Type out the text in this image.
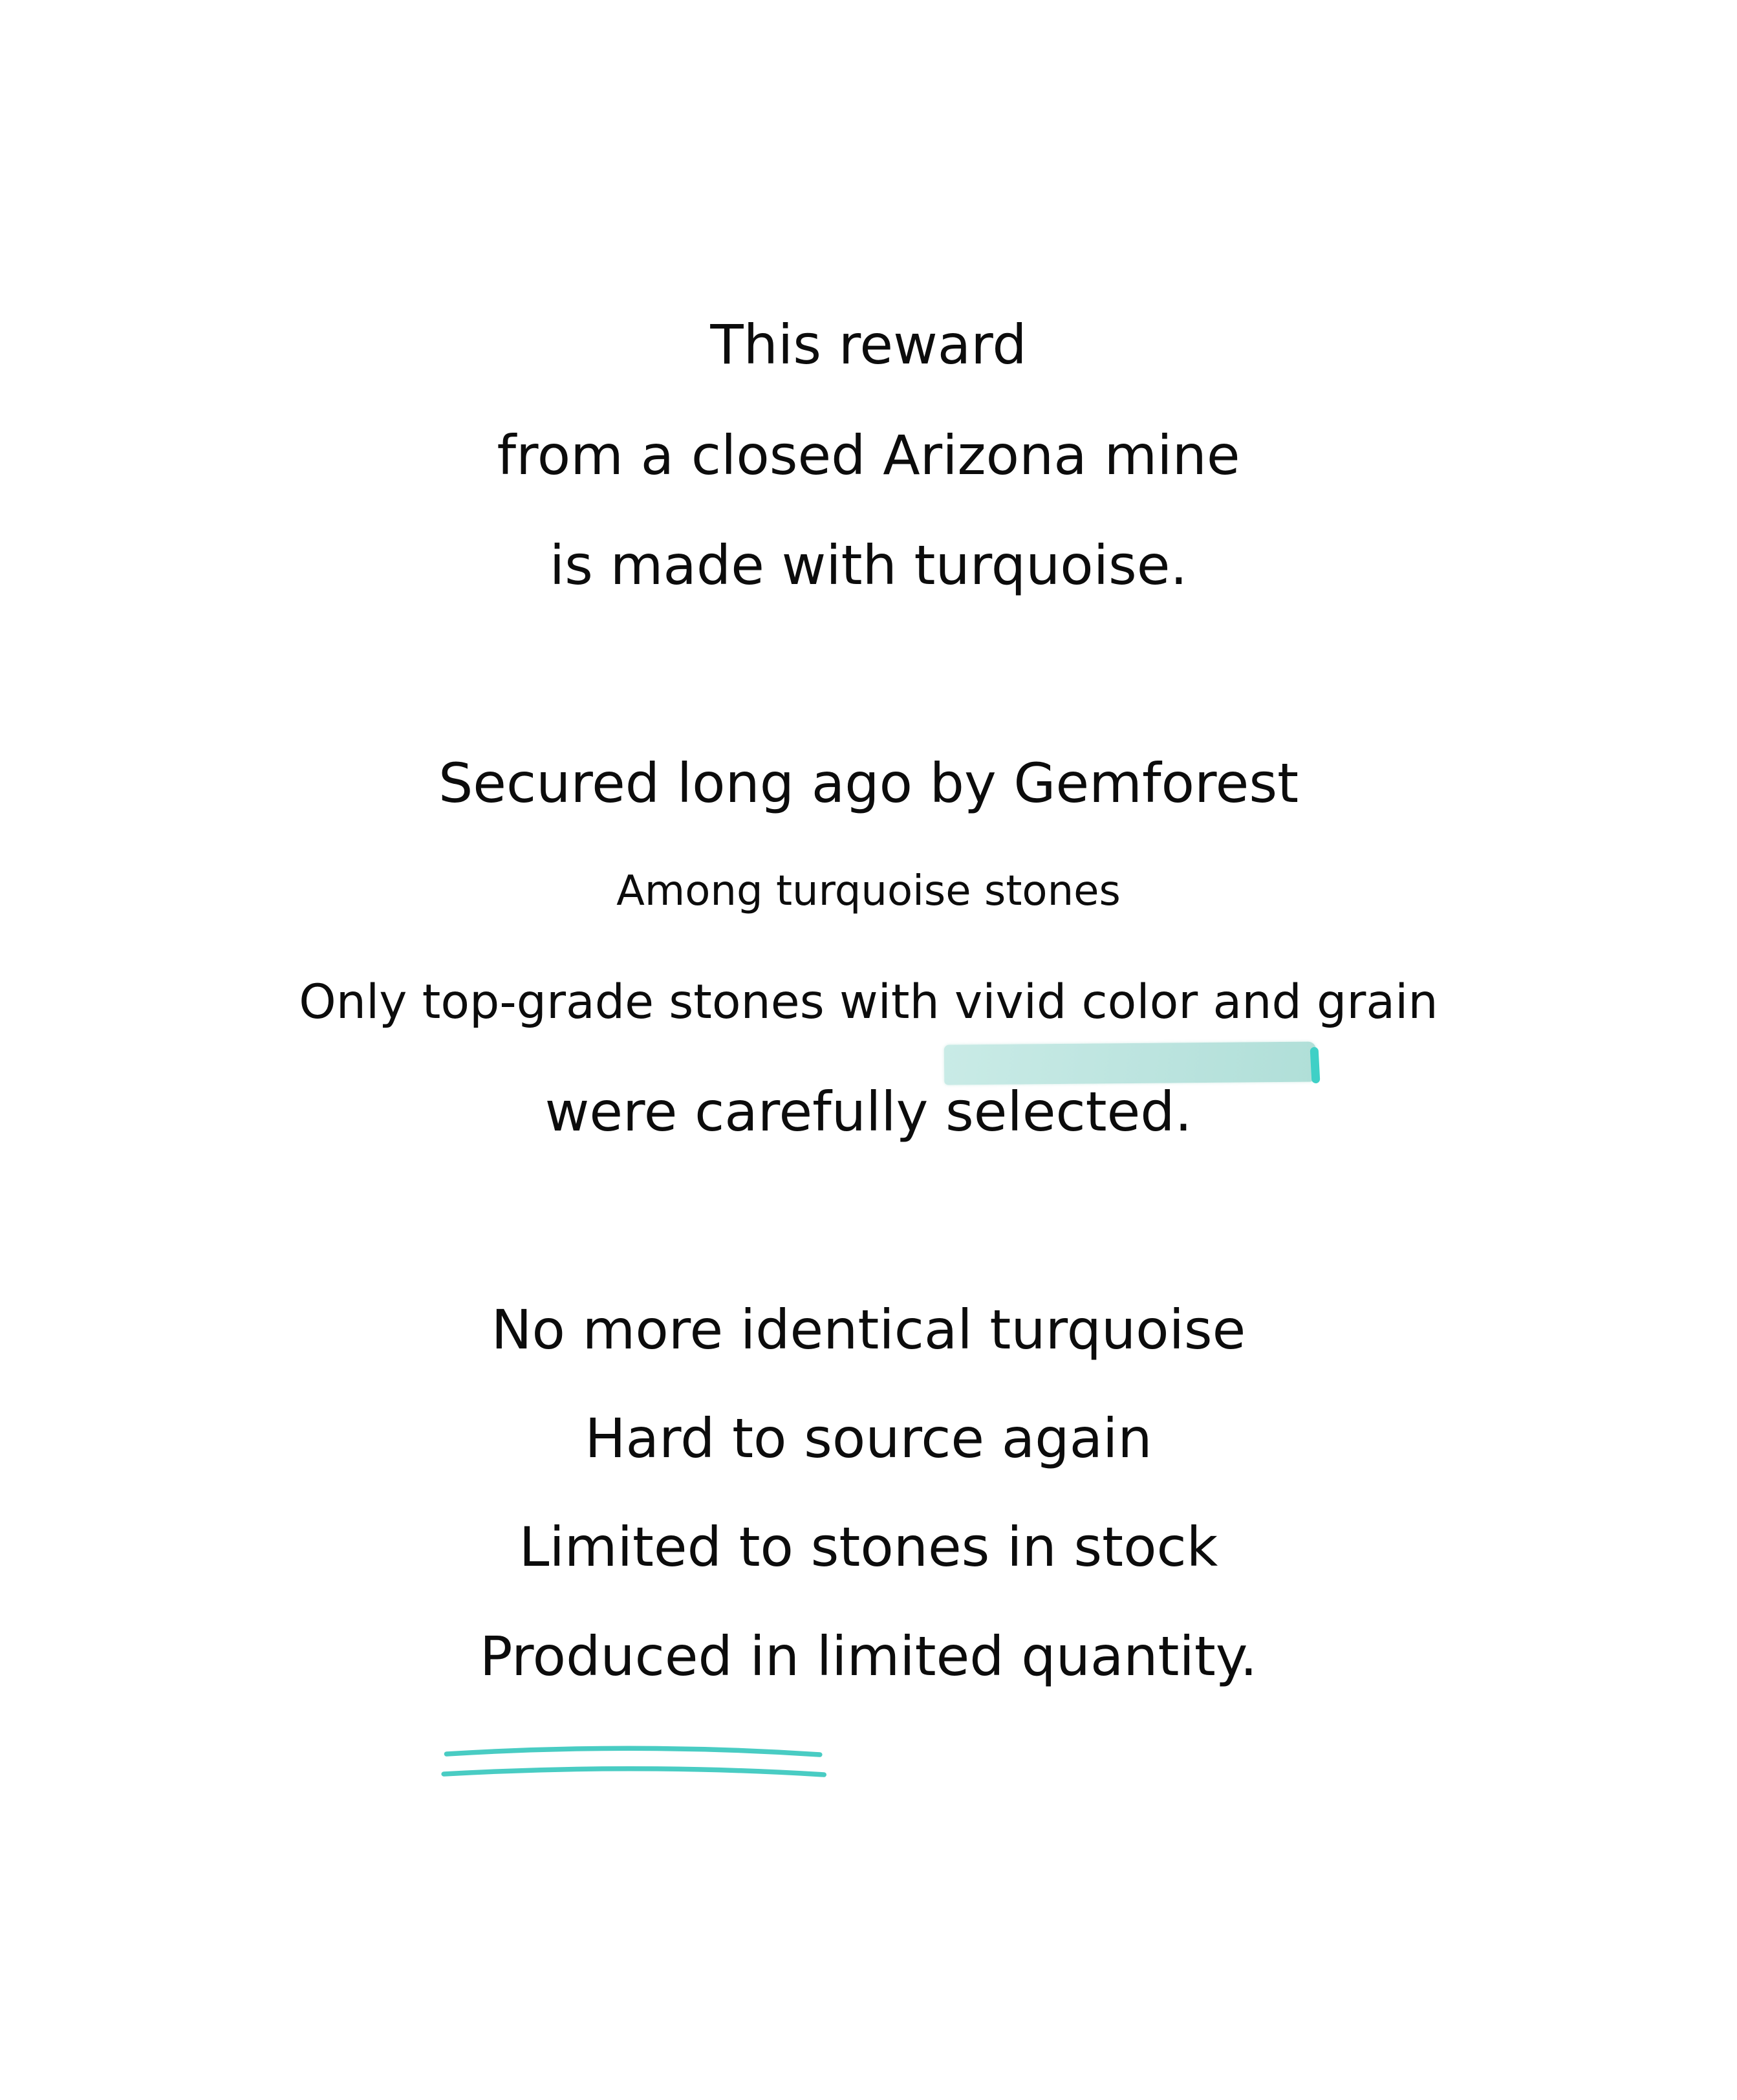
This reward
from a closed Arizona mine
is made with turquoise.
Secured long ago by Gemforest
Among turquoise stones
Only top-grade stones with vivid color and grain
were carefully selected.
No more identical turquoise
Hard to source again
Limited to stones in stock
Produced in
limited quantity.
